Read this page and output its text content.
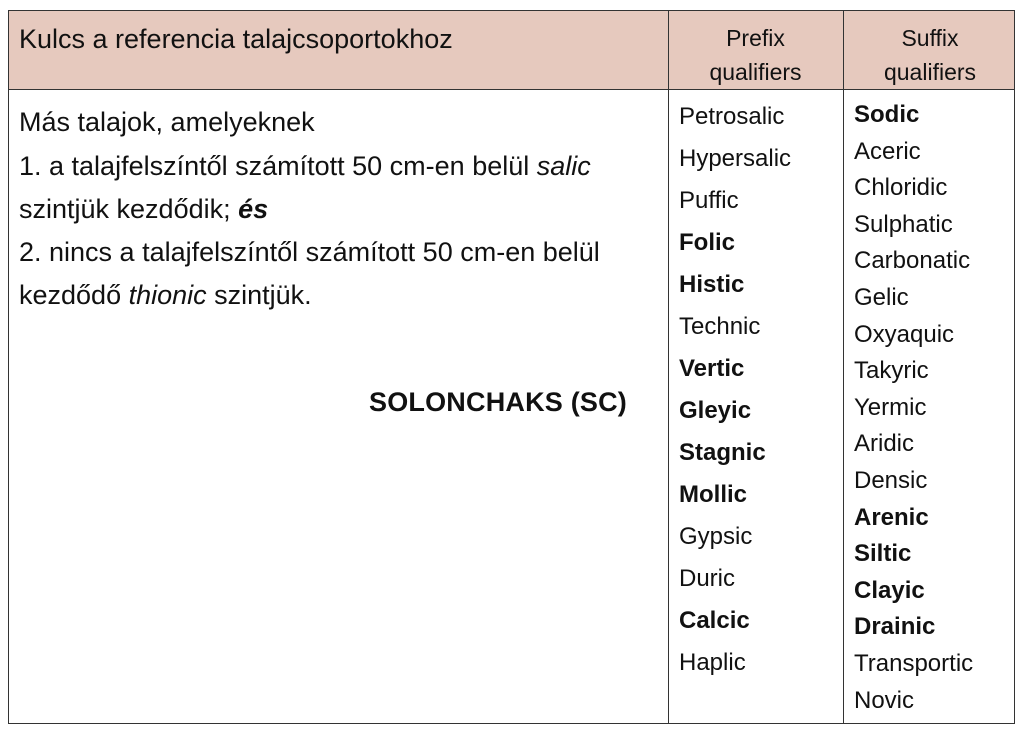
Kulcs a referencia talajcsoportokhoz	Prefix
qualifiers
Suffix
qualifiers

Más talajok, amelyeknek

1. a talajfelszíntől számított 50 cm-en belül salic
szintjük kezdődik; és

2. nincs a talajfelszíntől számított 50 cm-en belül
kezdődő thionic szintjük.

SOLONCHAKS (SC)
Petrosalic
Hypersalic
Puffic
Folic
Histic
Technic
Vertic
Gleyic
Stagnic
Mollic
Gypsic
Duric
Calcic
Haplic
Sodic
Aceric
Chloridic
Sulphatic
Carbonatic
Gelic
Oxyaquic
Takyric
Yermic
Aridic
Densic
Arenic
Siltic
Clayic
Drainic
Transportic
Novic
